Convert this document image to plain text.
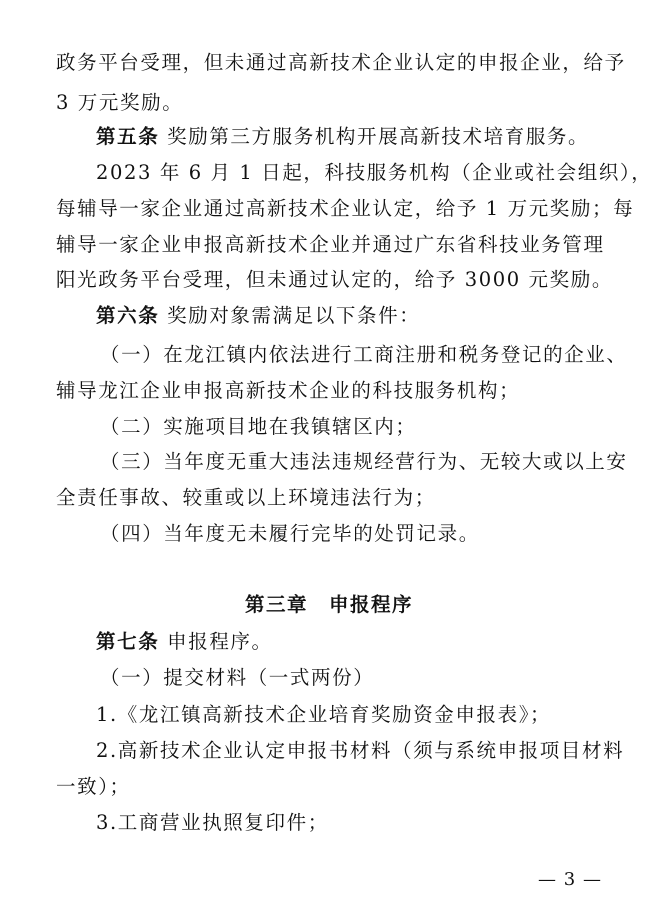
政务平台受理，但未通过高新技术企业认定的申报企业，给予
3 万元奖励。
第五条 奖励第三方服务机构开展高新技术培育服务。
2023 年 6 月 1 日起，科技服务机构（企业或社会组织），
每辅导一家企业通过高新技术企业认定，给予 1 万元奖励；每
辅导一家企业申报高新技术企业并通过广东省科技业务管理
阳光政务平台受理，但未通过认定的，给予 3000 元奖励。
第六条 奖励对象需满足以下条件：
（一）在龙江镇内依法进行工商注册和税务登记的企业、
辅导龙江企业申报高新技术企业的科技服务机构；
（二）实施项目地在我镇辖区内；
（三）当年度无重大违法违规经营行为、无较大或以上安
全责任事故、较重或以上环境违法行为；
（四）当年度无未履行完毕的处罚记录。
第三章　申报程序
第七条 申报程序。
（一）提交材料（一式两份）
1.《龙江镇高新技术企业培育奖励资金申报表》；
2.高新技术企业认定申报书材料（须与系统申报项目材料
一致）；
3.工商营业执照复印件；
— 3 —
